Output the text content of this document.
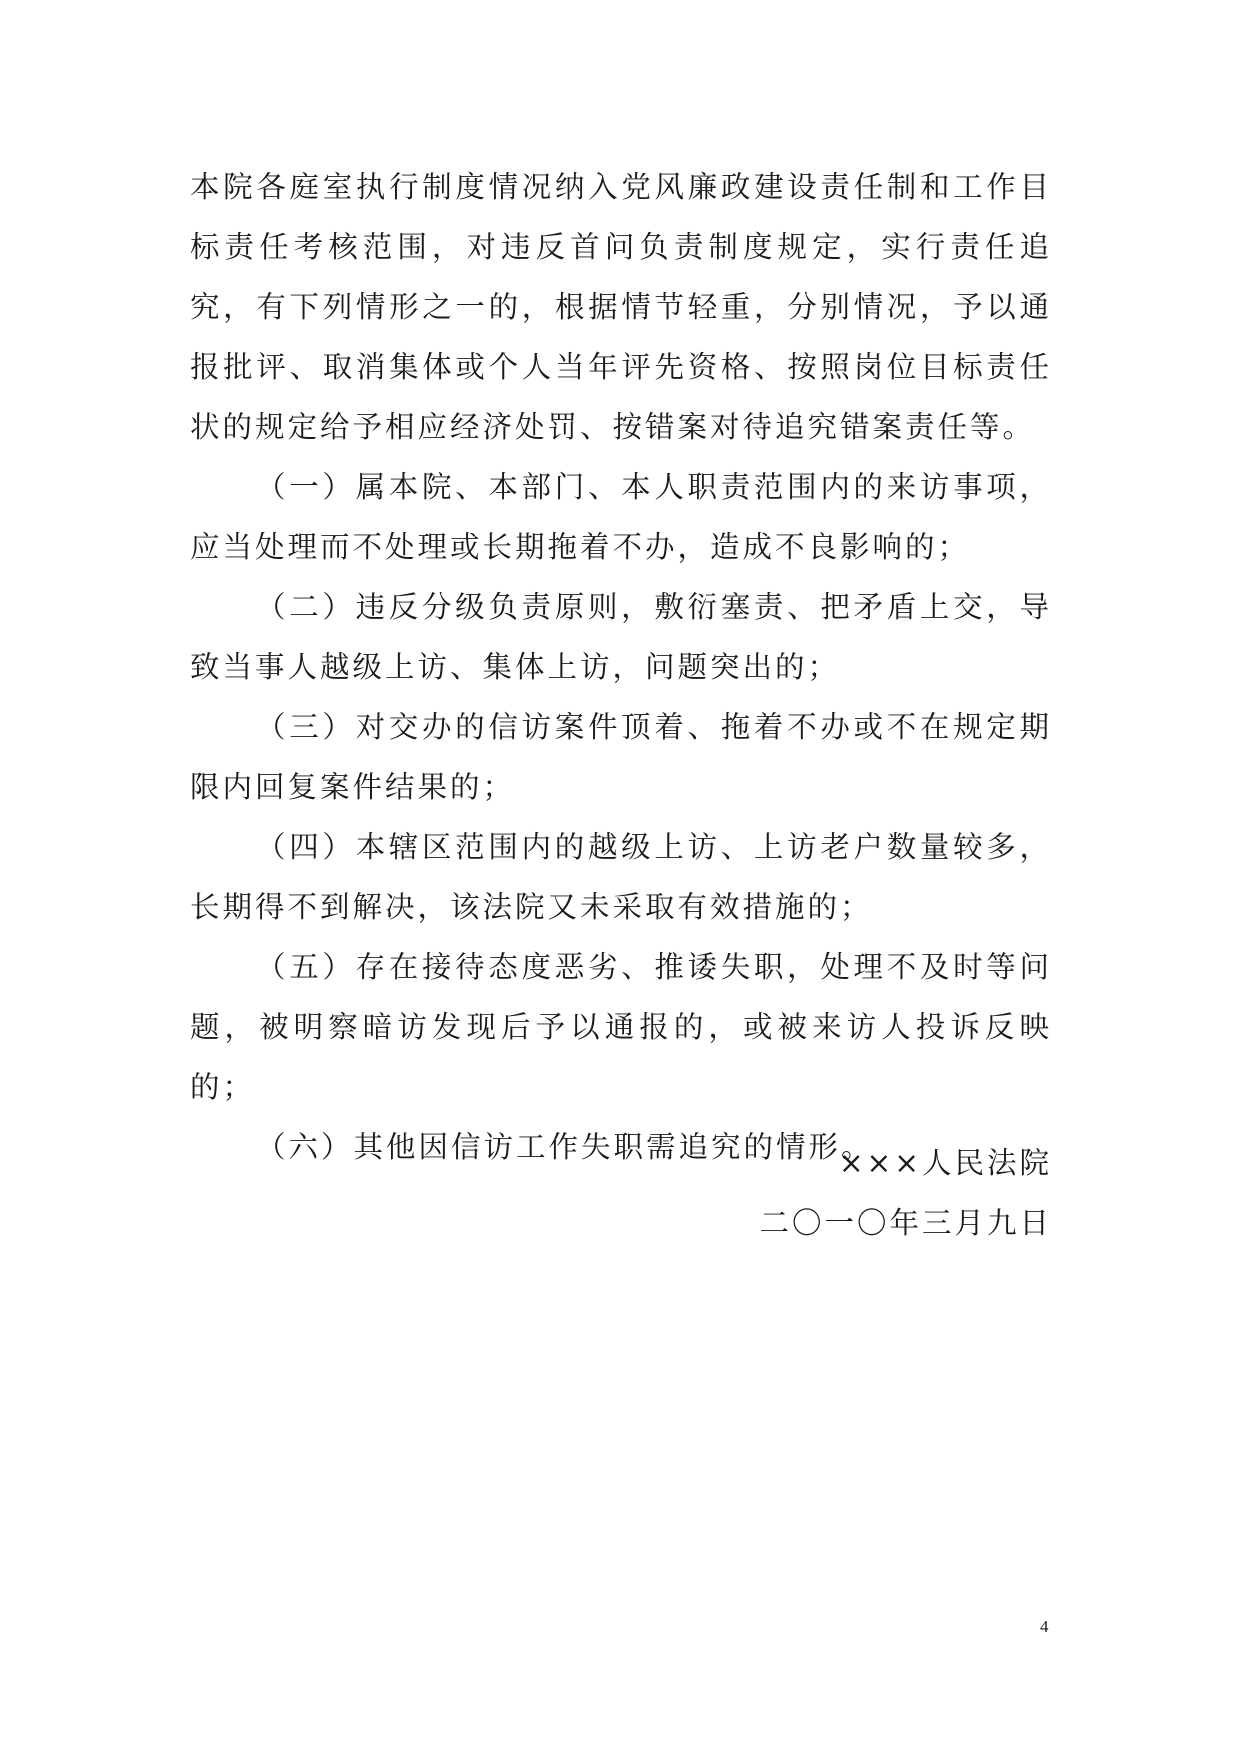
本院各庭室执行制度情况纳入党风廉政建设责任制和工作目标责任考核范围，对违反首问负责制度规定，实行责任追究，有下列情形之一的，根据情节轻重，分别情况，予以通报批评、取消集体或个人当年评先资格、按照岗位目标责任状的规定给予相应经济处罚、按错案对待追究错案责任等。

（一）属本院、本部门、本人职责范围内的来访事项，应当处理而不处理或长期拖着不办，造成不良影响的；

（二）违反分级负责原则，敷衍塞责、把矛盾上交，导致当事人越级上访、集体上访，问题突出的；

（三）对交办的信访案件顶着、拖着不办或不在规定期限内回复案件结果的；

（四）本辖区范围内的越级上访、上访老户数量较多，长期得不到解决，该法院又未采取有效措施的；

（五）存在接待态度恶劣、推诿失职，处理不及时等问题，被明察暗访发现后予以通报的，或被来访人投诉反映的；

（六）其他因信访工作失职需追究的情形。

×××人民法院
二〇一〇年三月九日
4
